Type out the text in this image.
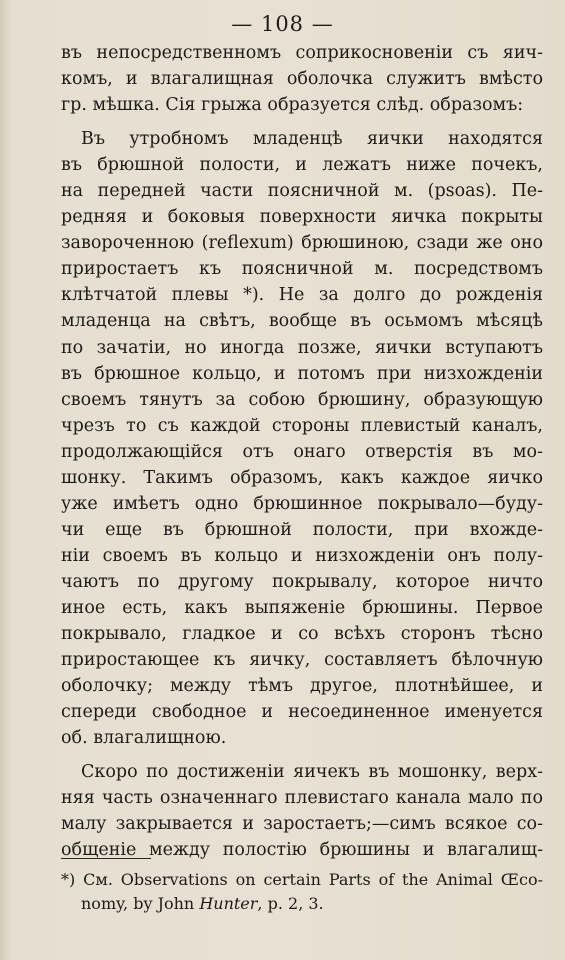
— 108 —
въ непосредственномъ соприкосновенiи съ яич-
комъ, и влагалищная оболочка служитъ вмѣсто
гр. мѣшка. Сiя грыжа образуется слѣд. образомъ:
Въ утробномъ младенцѣ яички находятся
въ брюшной полости, и лежатъ ниже почекъ,
на передней части поясничной м. (psoas). Пе-
редняя и боковыя поверхности яичка покрыты
завороченною (reflexum) брюшиною, сзади же оно
приростаетъ къ поясничной м. посредствомъ
клѣтчатой плевы *). Не за долго до рожденiя
младенца на свѣтъ, вообще въ осьмомъ мѣсяцѣ
по зачатiи, но иногда позже, яички вступаютъ
въ брюшное кольцо, и потомъ при низхожденiи
своемъ тянутъ за собою брюшину, образующую
чрезъ то съ каждой стороны плевистый каналъ,
продолжающiйся отъ онаго отверстiя въ мо-
шонку. Такимъ образомъ, какъ каждое яичко
уже имѣетъ одно брюшинное покрывало—буду-
чи еще въ брюшной полости, при вхожде-
нiи своемъ въ кольцо и низхожденiи онъ полу-
чаютъ по другому покрывалу, которое ничто
иное есть, какъ выпяженiе брюшины. Первое
покрывало, гладкое и со всѣхъ сторонъ тѣсно
приростающее къ яичку, составляетъ бѣлочную
оболочку; между тѣмъ другое, плотнѣйшее, и
спереди свободное и несоединенное именуется
об. влагалищною.
Скоро по достиженiи яичекъ въ мошонку, верх-
няя часть означеннаго плевистаго канала мало по
малу закрывается и заростаетъ;—симъ всякое со-
общенiе между полостiю брюшины и влагалищ-
*) См. Observations on certain Parts of the Animal Œco-
nomy, by John Hunter, p. 2, 3.
